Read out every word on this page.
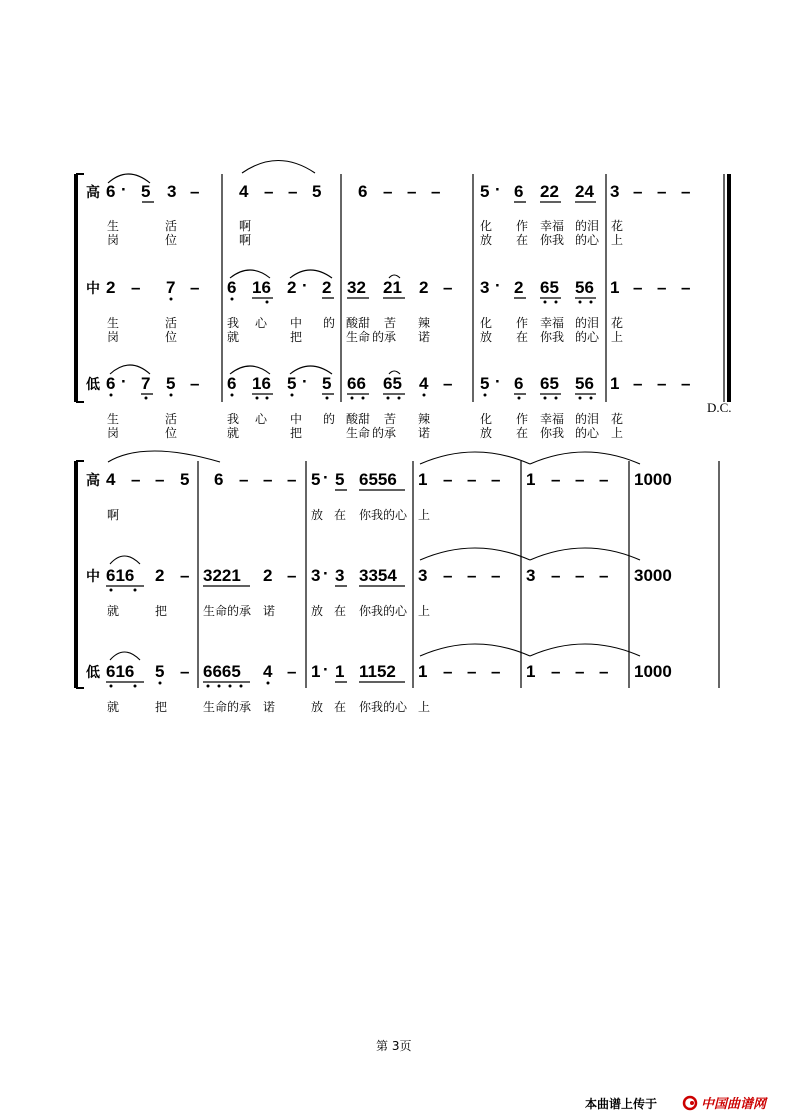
D.C.
高
中
低
6 · 5 3 – 4 – – 5 6 – – – 5 · 6 22 24 3 – – –
生	活	啊	化 作 幸福 的泪 花
岗	位	啊	放 在 你我 的心 上
2 – 7 – 6 16 2 · 2 32 21 2 – 3 · 2 65 56 1 – – –
生	活	我 心 中 的 酸甜 苦 辣	化 作 幸福 的泪 花
岗	位	就	把	生命 的承 诺	放 在 你我 的心 上
6 · 7 5 – 6 16 5 · 5 66 65 4 – 5 · 6 65 56 1 – – –
生	活	我 心 中 的 酸甜 苦 辣	化 作 幸福 的泪 花
岗	位	就	把	生命 的承 诺	放 在 你我 的心 上
高
中
低
4 – – 5 6 – – – 5 · 5 6556 1 – – – 1 – – – 1000
啊	放 在 你我的心 上
616 2 – 3221 2 – 3 · 3 3354 3 – – – 3 – – – 3000
就	把	生命的承 诺	放 在 你我的心 上
616 5 – 6665 4 – 1 · 1 1152 1 – – – 1 – – – 1000
就	把	生命的承 诺	放 在 你我的心 上
第 3页
本曲谱上传于	中国曲谱网
